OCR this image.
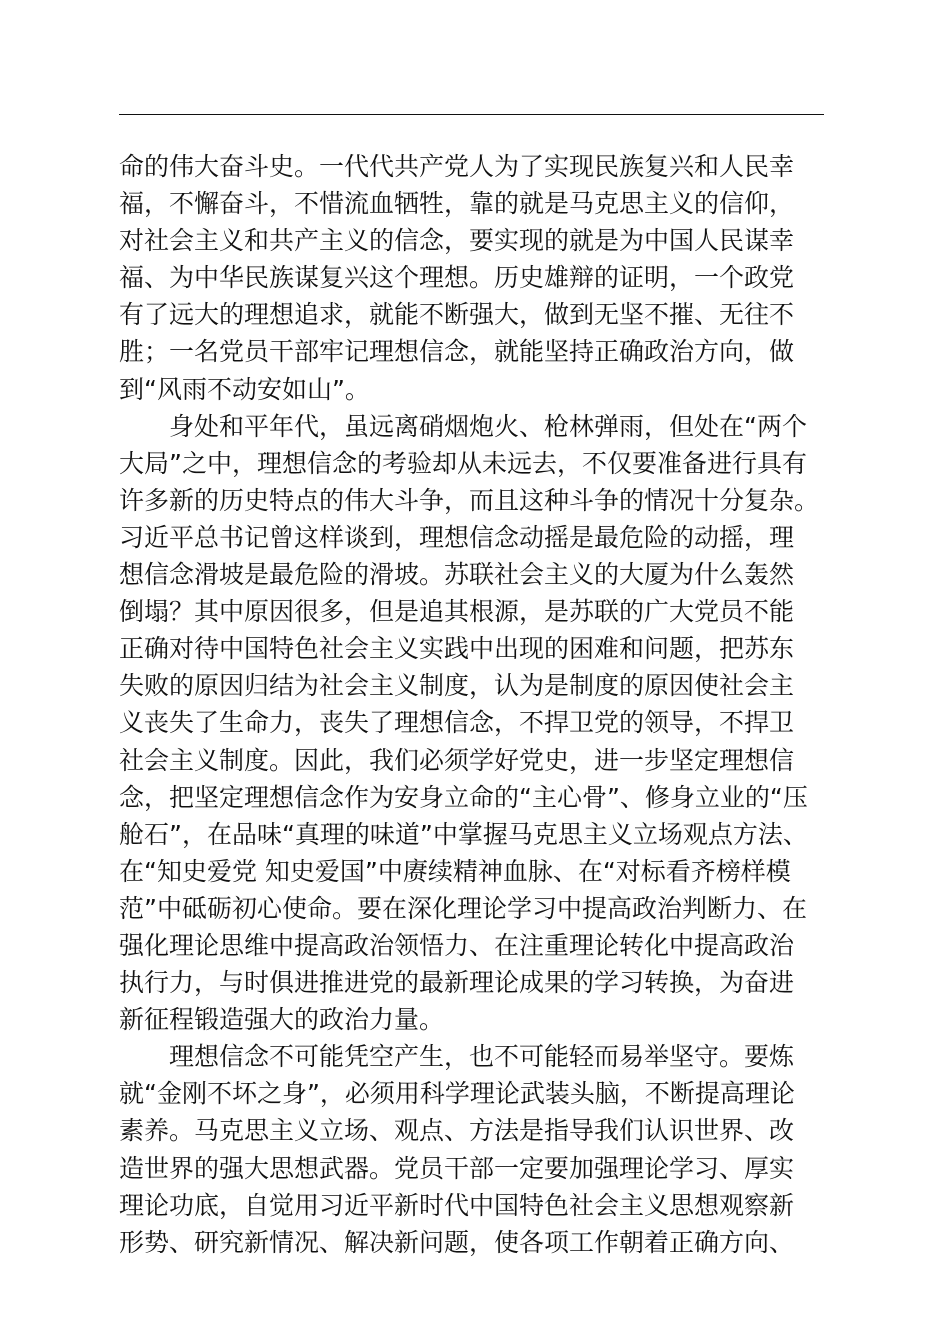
命的伟大奋斗史。一代代共产党人为了实现民族复兴和人民幸
福，不懈奋斗，不惜流血牺牲，靠的就是马克思主义的信仰，
对社会主义和共产主义的信念，要实现的就是为中国人民谋幸
福、为中华民族谋复兴这个理想。历史雄辩的证明，一个政党
有了远大的理想追求，就能不断强大，做到无坚不摧、无往不
胜；一名党员干部牢记理想信念，就能坚持正确政治方向，做
到“风雨不动安如山”。
　　身处和平年代，虽远离硝烟炮火、枪林弹雨，但处在“两个
大局”之中，理想信念的考验却从未远去，不仅要准备进行具有
许多新的历史特点的伟大斗争，而且这种斗争的情况十分复杂。
习近平总书记曾这样谈到，理想信念动摇是最危险的动摇，理
想信念滑坡是最危险的滑坡。苏联社会主义的大厦为什么轰然
倒塌？其中原因很多，但是追其根源，是苏联的广大党员不能
正确对待中国特色社会主义实践中出现的困难和问题，把苏东
失败的原因归结为社会主义制度，认为是制度的原因使社会主
义丧失了生命力，丧失了理想信念，不捍卫党的领导，不捍卫
社会主义制度。因此，我们必须学好党史，进一步坚定理想信
念，把坚定理想信念作为安身立命的“主心骨”、修身立业的“压
舱石”，在品味“真理的味道”中掌握马克思主义立场观点方法、
在“知史爱党 知史爱国”中赓续精神血脉、在“对标看齐榜样模
范”中砥砺初心使命。要在深化理论学习中提高政治判断力、在
强化理论思维中提高政治领悟力、在注重理论转化中提高政治
执行力，与时俱进推进党的最新理论成果的学习转换，为奋进
新征程锻造强大的政治力量。
　　理想信念不可能凭空产生，也不可能轻而易举坚守。要炼
就“金刚不坏之身”，必须用科学理论武装头脑，不断提高理论
素养。马克思主义立场、观点、方法是指导我们认识世界、改
造世界的强大思想武器。党员干部一定要加强理论学习、厚实
理论功底，自觉用习近平新时代中国特色社会主义思想观察新
形势、研究新情况、解决新问题，使各项工作朝着正确方向、
